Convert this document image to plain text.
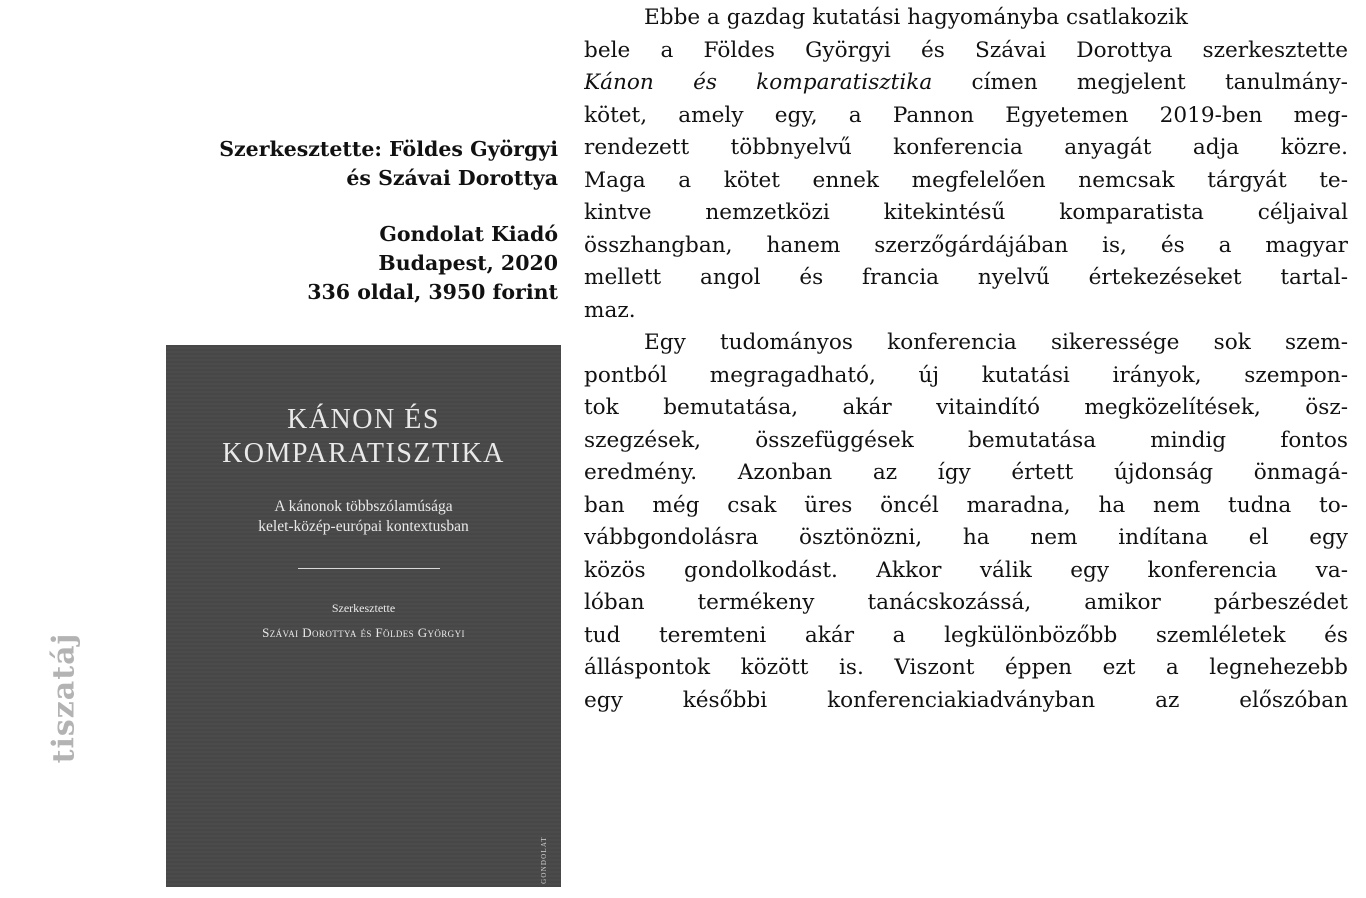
tiszatáj
Szerkesztette: Földes Györgyi
és Szávai Dorottya
Gondolat Kiadó
Budapest, 2020
336 oldal, 3950 forint
KÁNON ÉS
KOMPARATISZTIKA
A kánonok többszólamúsága
kelet-közép-európai kontextusban
Szerkesztette
Szávai Dorottya és Földes Györgyi
GONDOLAT

Ebbe a gazdag kutatási hagyományba csatlakozik
bele a Földes Györgyi és Szávai Dorottya szerkesztette
Kánon és komparatisztika címen megjelent tanulmány-
kötet, amely egy, a Pannon Egyetemen 2019-ben meg-
rendezett többnyelvű konferencia anyagát adja közre.
Maga a kötet ennek megfelelően nemcsak tárgyát te-
kintve nemzetközi kitekintésű komparatista céljaival
összhangban, hanem szerzőgárdájában is, és a magyar
mellett angol és francia nyelvű értekezéseket tartal-
maz.

Egy tudományos konferencia sikeressége sok szem-
pontból megragadható, új kutatási irányok, szempon-
tok bemutatása, akár vitaindító megközelítések, ösz-
szegzések, összefüggések bemutatása mindig fontos
eredmény. Azonban az így értett újdonság önmagá-
ban még csak üres öncél maradna, ha nem tudna to-
vábbgondolásra ösztönözni, ha nem indítana el egy
közös gondolkodást. Akkor válik egy konferencia va-
lóban termékeny tanácskozássá, amikor párbeszédet
tud teremteni akár a legkülönbözőbb szemléletek és
álláspontok között is. Viszont éppen ezt a legnehezebb
egy későbbi konferenciakiadványban az előszóban
